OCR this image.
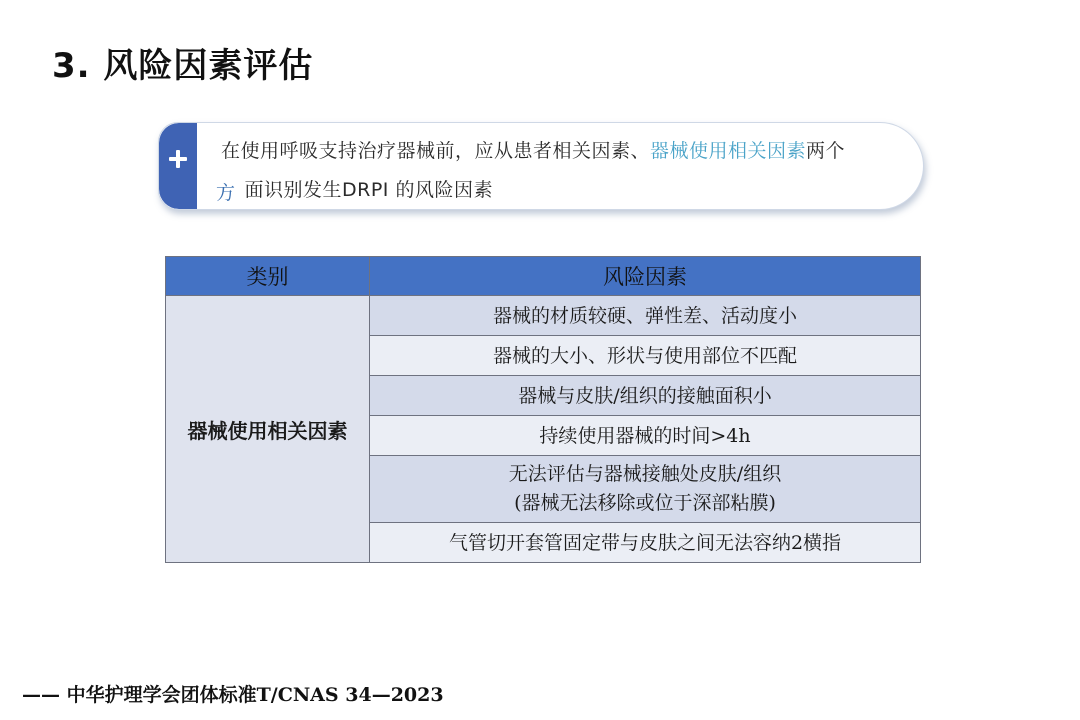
3. 风险因素评估
在使用呼吸支持治疗器械前，应从患者相关因素、器械使用相关因素两个
方 面识别发生DRPI 的风险因素
类别	风险因素
器械使用相关因素	器械的材质较硬、弹性差、活动度小

	器械的大小、形状与使用部位不匹配

	器械与皮肤/组织的接触面积小

	持续使用器械的时间>4h

	无法评估与器械接触处皮肤/组织
(器械无法移除或位于深部粘膜)

	气管切开套管固定带与皮肤之间无法容纳2横指
—— 中华护理学会团体标准T/CNAS 34—2023
